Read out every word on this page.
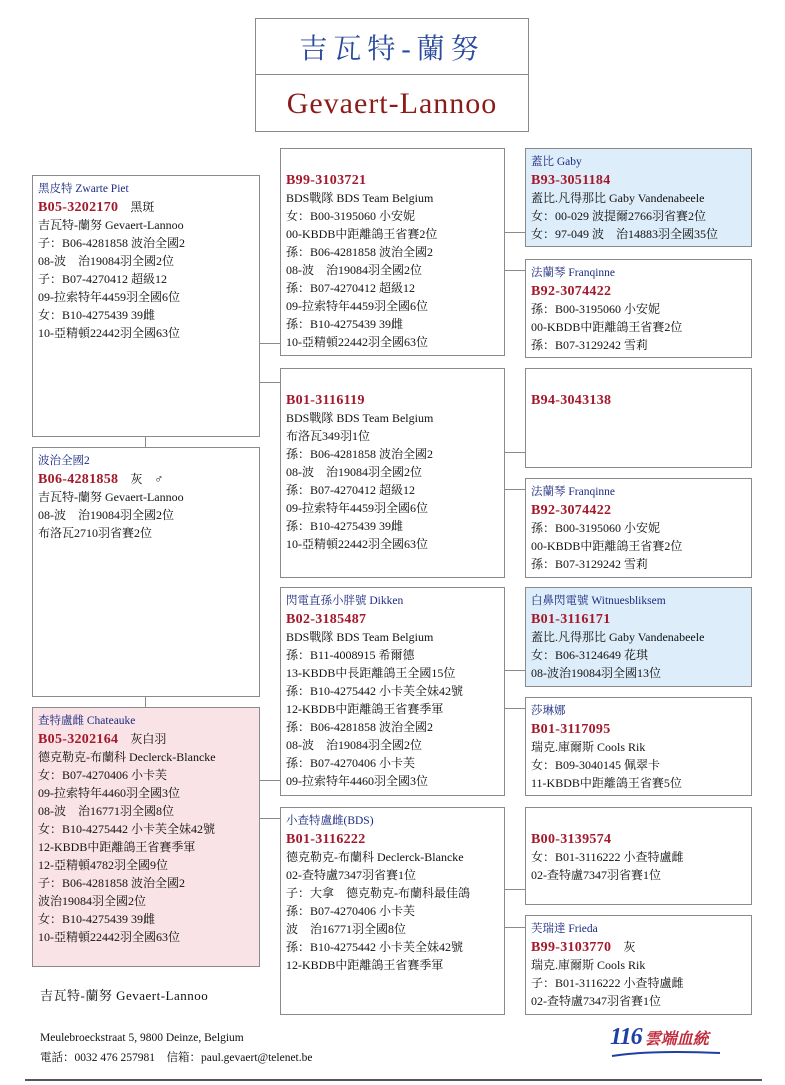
吉瓦特-蘭努
Gevaert-Lannoo
黑皮特 Zwarte Piet
B05-3202170 黑斑
吉瓦特-蘭努 Gevaert-Lannoo
子：B06-4281858 波治全國2
08-波　治19084羽全國2位
子：B07-4270412 超級12
09-拉索特年4459羽全國6位
女：B10-4275439 39雌
10-亞精頓22442羽全國63位
波治全國2
B06-4281858 灰 ♂
吉瓦特-蘭努 Gevaert-Lannoo
08-波　治19084羽全國2位
布洛瓦2710羽省賽2位
查特盧雌 Chateauke
B05-3202164 灰白羽
德克勒克-布蘭科 Declerck-Blancke
女：B07-4270406 小卡芙
09-拉索特年4460羽全國3位
08-波　治16771羽全國8位
女：B10-4275442 小卡芙全妹42號
12-KBDB中距離鴿王省賽季軍
12-亞精頓4782羽全國9位
子：B06-4281858 波治全國2
波治19084羽全國2位
女：B10-4275439 39雌
10-亞精頓22442羽全國63位
B99-3103721
BDS戰隊 BDS Team Belgium
女：B00-3195060 小安妮
00-KBDB中距離鴿王省賽2位
孫：B06-4281858 波治全國2
08-波　治19084羽全國2位
孫：B07-4270412 超級12
09-拉索特年4459羽全國6位
孫：B10-4275439 39雌
10-亞精頓22442羽全國63位
B01-3116119
BDS戰隊 BDS Team Belgium
布洛瓦349羽1位
孫：B06-4281858 波治全國2
08-波　治19084羽全國2位
孫：B07-4270412 超級12
09-拉索特年4459羽全國6位
孫：B10-4275439 39雌
10-亞精頓22442羽全國63位
閃電直孫小胖號 Dikken
B02-3185487
BDS戰隊 BDS Team Belgium
孫：B11-4008915 希爾德
13-KBDB中長距離鴿王全國15位
孫：B10-4275442 小卡芙全妹42號
12-KBDB中距離鴿王省賽季軍
孫：B06-4281858 波治全國2
08-波　治19084羽全國2位
孫：B07-4270406 小卡芙
09-拉索特年4460羽全國3位
小查特盧雌(BDS)
B01-3116222
德克勒克-布蘭科 Declerck-Blancke
02-查特盧7347羽省賽1位
子：大拿　德克勒克-布蘭科最佳鴿
孫：B07-4270406 小卡芙
波　治16771羽全國8位
孫：B10-4275442 小卡芙全妹42號
12-KBDB中距離鴿王省賽季軍
蓋比 Gaby
B93-3051184
蓋比.凡得那比 Gaby Vandenabeele
女：00-029 波提爾2766羽省賽2位
女：97-049 波　治14883羽全國35位
法蘭琴 Franqinne
B92-3074422
孫：B00-3195060 小安妮
00-KBDB中距離鴿王省賽2位
孫：B07-3129242 雪莉
B94-3043138
法蘭琴 Franqinne
B92-3074422
孫：B00-3195060 小安妮
00-KBDB中距離鴿王省賽2位
孫：B07-3129242 雪莉
白鼻閃電號 Witnuesbliksem
B01-3116171
蓋比.凡得那比 Gaby Vandenabeele
女：B06-3124649 花琪
08-波治19084羽全國13位
莎琳娜
B01-3117095
瑞克.庫爾斯 Cools Rik
女：B09-3040145 佩翠卡
11-KBDB中距離鴿王省賽5位
B00-3139574
女：B01-3116222 小查特盧雌
02-查特盧7347羽省賽1位
芙瑞達 Frieda
B99-3103770 灰
瑞克.庫爾斯 Cools Rik
子：B01-3116222 小查特盧雌
02-查特盧7347羽省賽1位
吉瓦特-蘭努 Gevaert-Lannoo
Meulebroeckstraat 5, 9800 Deinze, Belgium
電話：0032 476 257981　信箱：paul.gevaert@telenet.be
116 雲端血統
